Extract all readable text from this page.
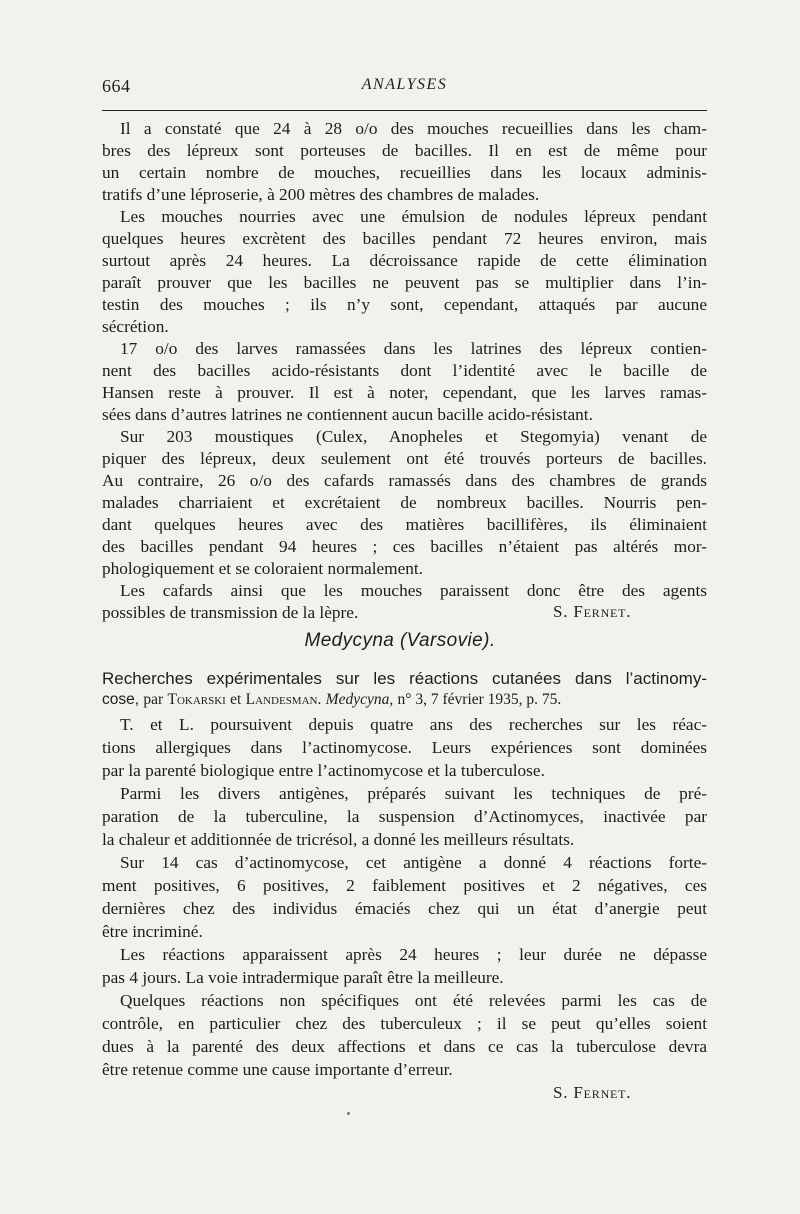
664	ANALYSES
Il a constaté que 24 à 28 o/o des mouches recueillies dans les cham-
bres des lépreux sont porteuses de bacilles. Il en est de même pour
un certain nombre de mouches, recueillies dans les locaux adminis-
tratifs d’une léproserie, à 200 mètres des chambres de malades.
Les mouches nourries avec une émulsion de nodules lépreux pendant
quelques heures excrètent des bacilles pendant 72 heures environ, mais
surtout après 24 heures. La décroissance rapide de cette élimination
paraît prouver que les bacilles ne peuvent pas se multiplier dans l’in-
testin des mouches ; ils n’y sont, cependant, attaqués par aucune
sécrétion.
17 o/o des larves ramassées dans les latrines des lépreux contien-
nent des bacilles acido-résistants dont l’identité avec le bacille de
Hansen reste à prouver. Il est à noter, cependant, que les larves ramas-
sées dans d’autres latrines ne contiennent aucun bacille acido-résistant.
Sur 203 moustiques (Culex, Anopheles et Stegomyia) venant de
piquer des lépreux, deux seulement ont été trouvés porteurs de bacilles.
Au contraire, 26 o/o des cafards ramassés dans des chambres de grands
malades charriaient et excrétaient de nombreux bacilles. Nourris pen-
dant quelques heures avec des matières bacillifères, ils éliminaient
des bacilles pendant 94 heures ; ces bacilles n’étaient pas altérés mor-
phologiquement et se coloraient normalement.
Les cafards ainsi que les mouches paraissent donc être des agents
possibles de transmission de la lèpre.	S. Fernet.
Medycyna (Varsovie).
Recherches expérimentales sur les réactions cutanées dans l’actinomy-
cose, par Tokarski et Landesman. Medycyna, n° 3, 7 février 1935, p. 75.
T. et L. poursuivent depuis quatre ans des recherches sur les réac-
tions allergiques dans l’actinomycose. Leurs expériences sont dominées
par la parenté biologique entre l’actinomycose et la tuberculose.
Parmi les divers antigènes, préparés suivant les techniques de pré-
paration de la tuberculine, la suspension d’Actinomyces, inactivée par
la chaleur et additionnée de tricrésol, a donné les meilleurs résultats.
Sur 14 cas d’actinomycose, cet antigène a donné 4 réactions forte-
ment positives, 6 positives, 2 faiblement positives et 2 négatives, ces
dernières chez des individus émaciés chez qui un état d’anergie peut
être incriminé.
Les réactions apparaissent après 24 heures ; leur durée ne dépasse
pas 4 jours. La voie intradermique paraît être la meilleure.
Quelques réactions non spécifiques ont été relevées parmi les cas de
contrôle, en particulier chez des tuberculeux ; il se peut qu’elles soient
dues à la parenté des deux affections et dans ce cas la tuberculose devra
être retenue comme une cause importante d’erreur.
S. Fernet.
